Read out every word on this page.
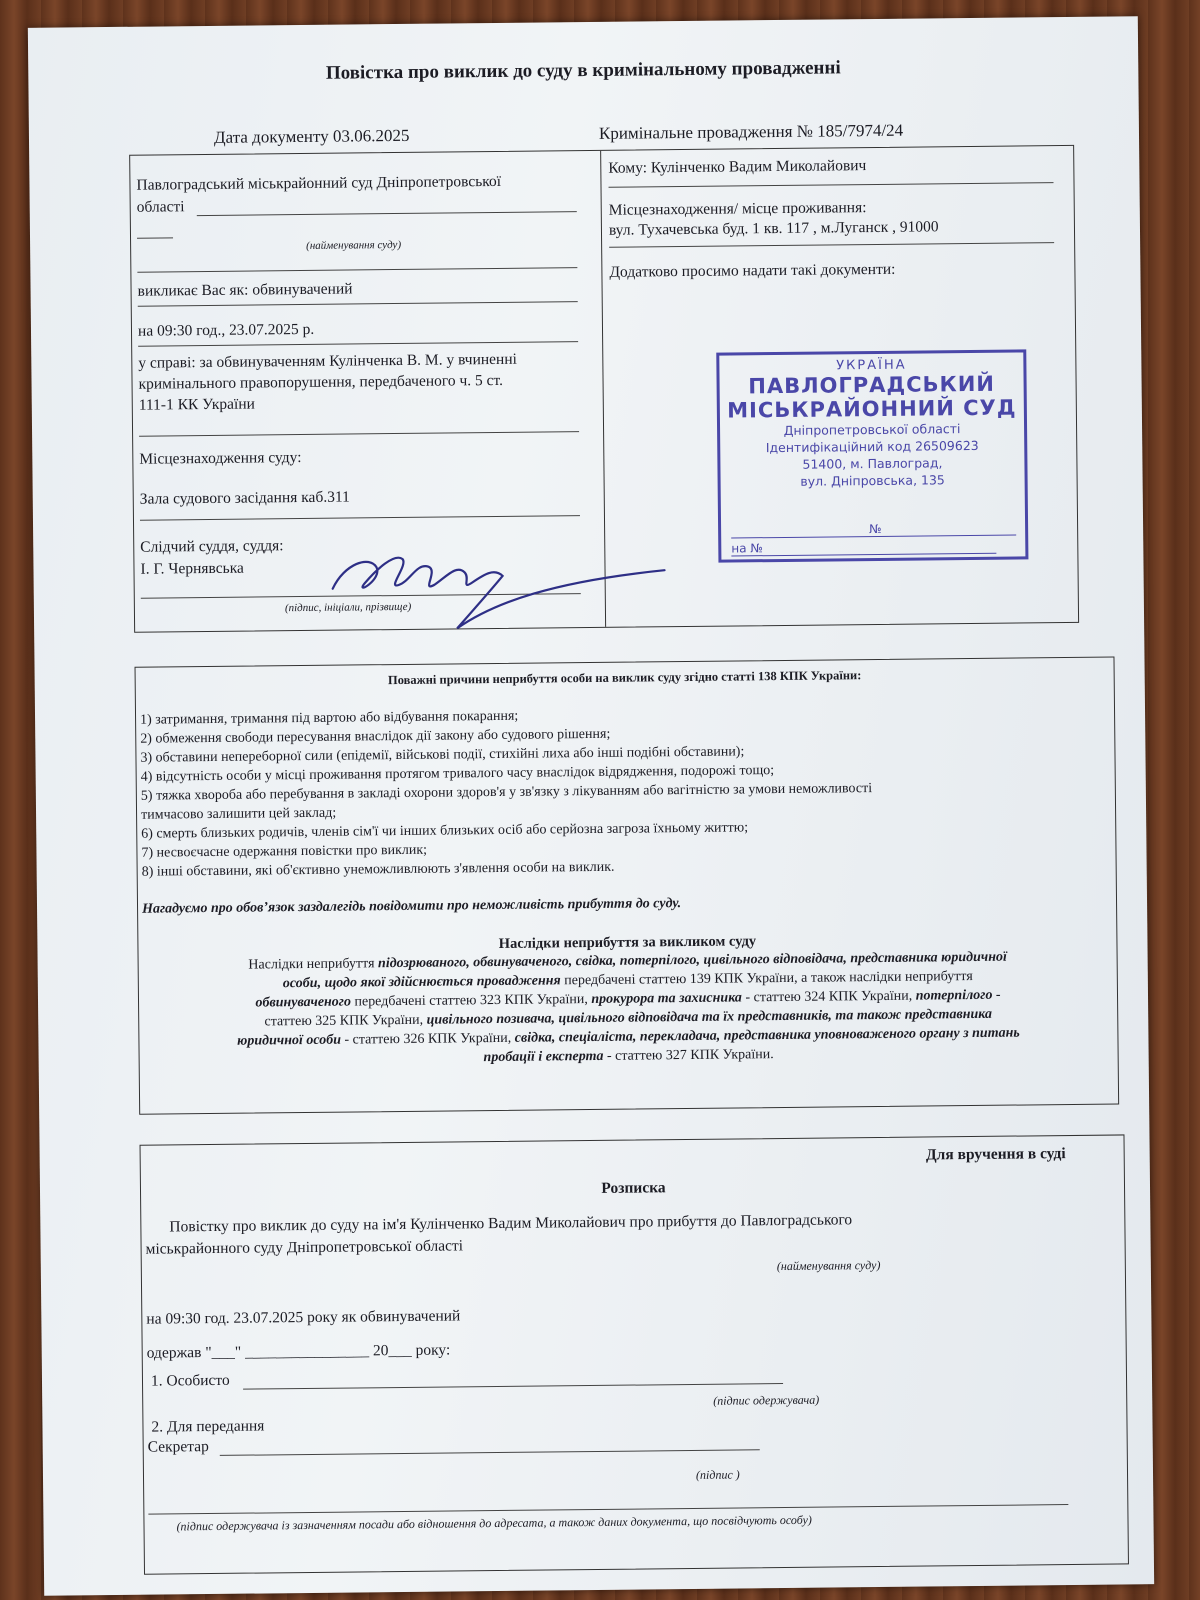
Повістка про виклик до суду в кримінальному провадженні
Дата документу 03.06.2025	Кримінальне провадження № 185/7974/24
Павлоградський міськрайонний суд Дніпропетровської
області
(найменування суду)
викликає Вас як: обвинувачений
на 09:30 год., 23.07.2025 р.
у справі: за обвинуваченням Кулінченка В. М. у вчиненні
кримінального правопорушення, передбаченого ч. 5 ст.
111-1 КК України
Місцезнаходження суду:
Зала судового засідання каб.311
Слідчий суддя, суддя:
І. Г. Чернявська
(підпис, ініціали, прізвище)
Кому: Кулінченко Вадим Миколайович
Місцезнаходження/ місце проживання:
вул. Тухачевська буд. 1 кв. 117 , м.Луганск , 91000
Додатково просимо надати такі документи:
УКРАЇНА
ПАВЛОГРАДСЬКИЙ
МІСЬКРАЙОННИЙ СУД
Дніпропетровської області
Ідентифікаційний код 26509623
51400, м. Павлоград,
вул. Дніпровська, 135
№
на №
Поважні причини неприбуття особи на виклик суду згідно статті 138 КПК України:
1) затримання, тримання під вартою або відбування покарання;
2) обмеження свободи пересування внаслідок дії закону або судового рішення;
3) обставини непереборної сили (епідемії, військові події, стихійні лиха або інші подібні обставини);
4) відсутність особи у місці проживання протягом тривалого часу внаслідок відрядження, подорожі тощо;
5) тяжка хвороба або перебування в закладі охорони здоров'я у зв'язку з лікуванням або вагітністю за умови неможливості
тимчасово залишити цей заклад;
6) смерть близьких родичів, членів сім'ї чи інших близьких осіб або серйозна загроза їхньому життю;
7) несвоєчасне одержання повістки про виклик;
8) інші обставини, які об'єктивно унеможливлюють з'явлення особи на виклик.
Нагадуємо про обов’язок заздалегідь повідомити про неможливість прибуття до суду.
Наслідки неприбуття за викликом суду
Наслідки неприбуття підозрюваного, обвинуваченого, свідка, потерпілого, цивільного відповідача, представника юридичної
особи, щодо якої здійснюється провадження передбачені статтею 139 КПК України, а також наслідки неприбуття
обвинуваченого передбачені статтею 323 КПК України, прокурора та захисника - статтею 324 КПК України, потерпілого -
статтею 325 КПК України, цивільного позивача, цивільного відповідача та їх представників, та також представника
юридичної особи - статтею 326 КПК України, свідка, спеціаліста, перекладача, представника уповноваженого органу з питань
пробації і експерта - статтею 327 КПК України.
Для вручення в суді
Розписка
Повістку про виклик до суду на ім'я Кулінченко Вадим Миколайович про прибуття до Павлоградського
міськрайонного суду Дніпропетровської області
(найменування суду)
на 09:30 год. 23.07.2025 року як обвинувачений
одержав "___" ________________ 20___ року:
1. Особисто
(підпис одержувача)
2. Для передання
Секретар
(підпис )
(підпис одержувача із зазначенням посади або відношення до адресата, а також даних документа, що посвідчують особу)
